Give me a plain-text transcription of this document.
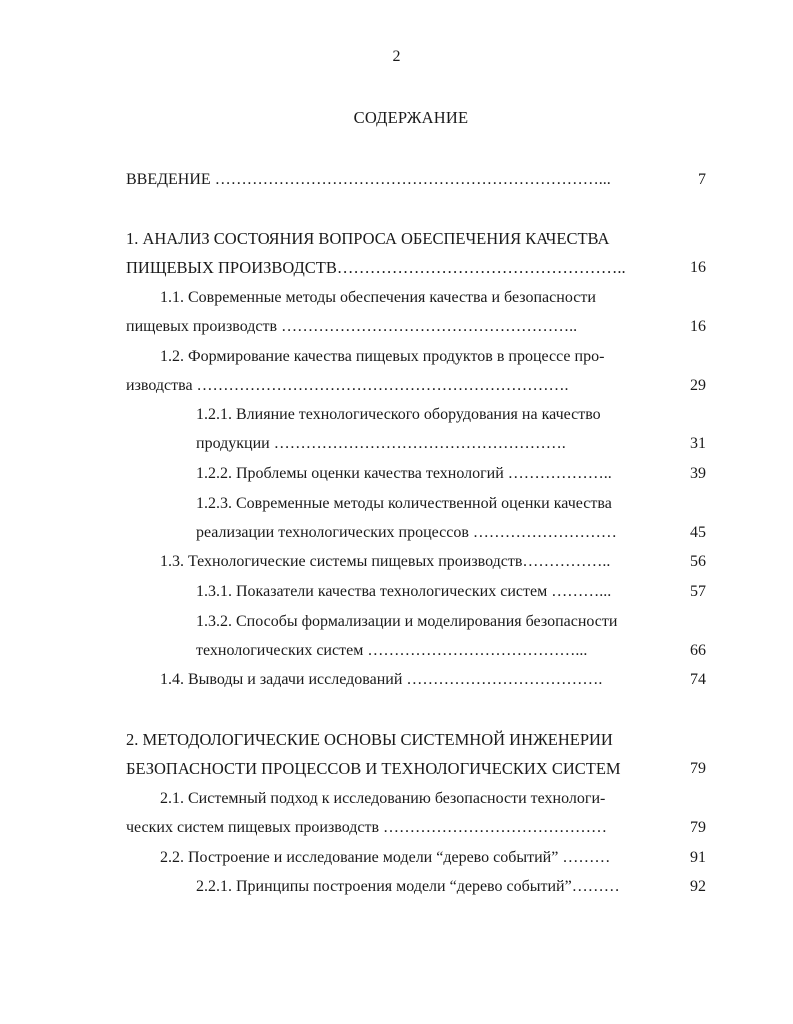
2
СОДЕРЖАНИЕ
ВВЕДЕНИЕ ………………………………………………………………...	7
1. АНАЛИЗ СОСТОЯНИЯ ВОПРОСА ОБЕСПЕЧЕНИЯ КАЧЕСТВА
ПИЩЕВЫХ ПРОИЗВОДСТВ……………………………………………..	16
1.1. Современные методы обеспечения качества и безопасности
пищевых производств ………………………………………………..	16
1.2. Формирование качества пищевых продуктов в процессе про-
изводства …………………………………………………………….	29
1.2.1. Влияние технологического оборудования на качество
продукции ……………………………………………….	31
1.2.2. Проблемы оценки качества технологий ………………..	39
1.2.3. Современные методы количественной оценки качества
реализации технологических процессов ………………………	45
1.3. Технологические системы пищевых производств……………..	56
1.3.1. Показатели качества технологических систем ………...	57
1.3.2. Способы формализации и моделирования безопасности
технологических систем …………………………………...	66
1.4. Выводы и задачи исследований ……………………………….	74
2. МЕТОДОЛОГИЧЕСКИЕ ОСНОВЫ СИСТЕМНОЙ ИНЖЕНЕРИИ
БЕЗОПАСНОСТИ ПРОЦЕССОВ И ТЕХНОЛОГИЧЕСКИХ СИСТЕМ	79
2.1. Системный подход к исследованию безопасности технологи-
ческих систем пищевых производств ……………………………………	79
2.2. Построение и исследование модели “дерево событий” ………	91
2.2.1. Принципы построения модели “дерево событий”………	92
